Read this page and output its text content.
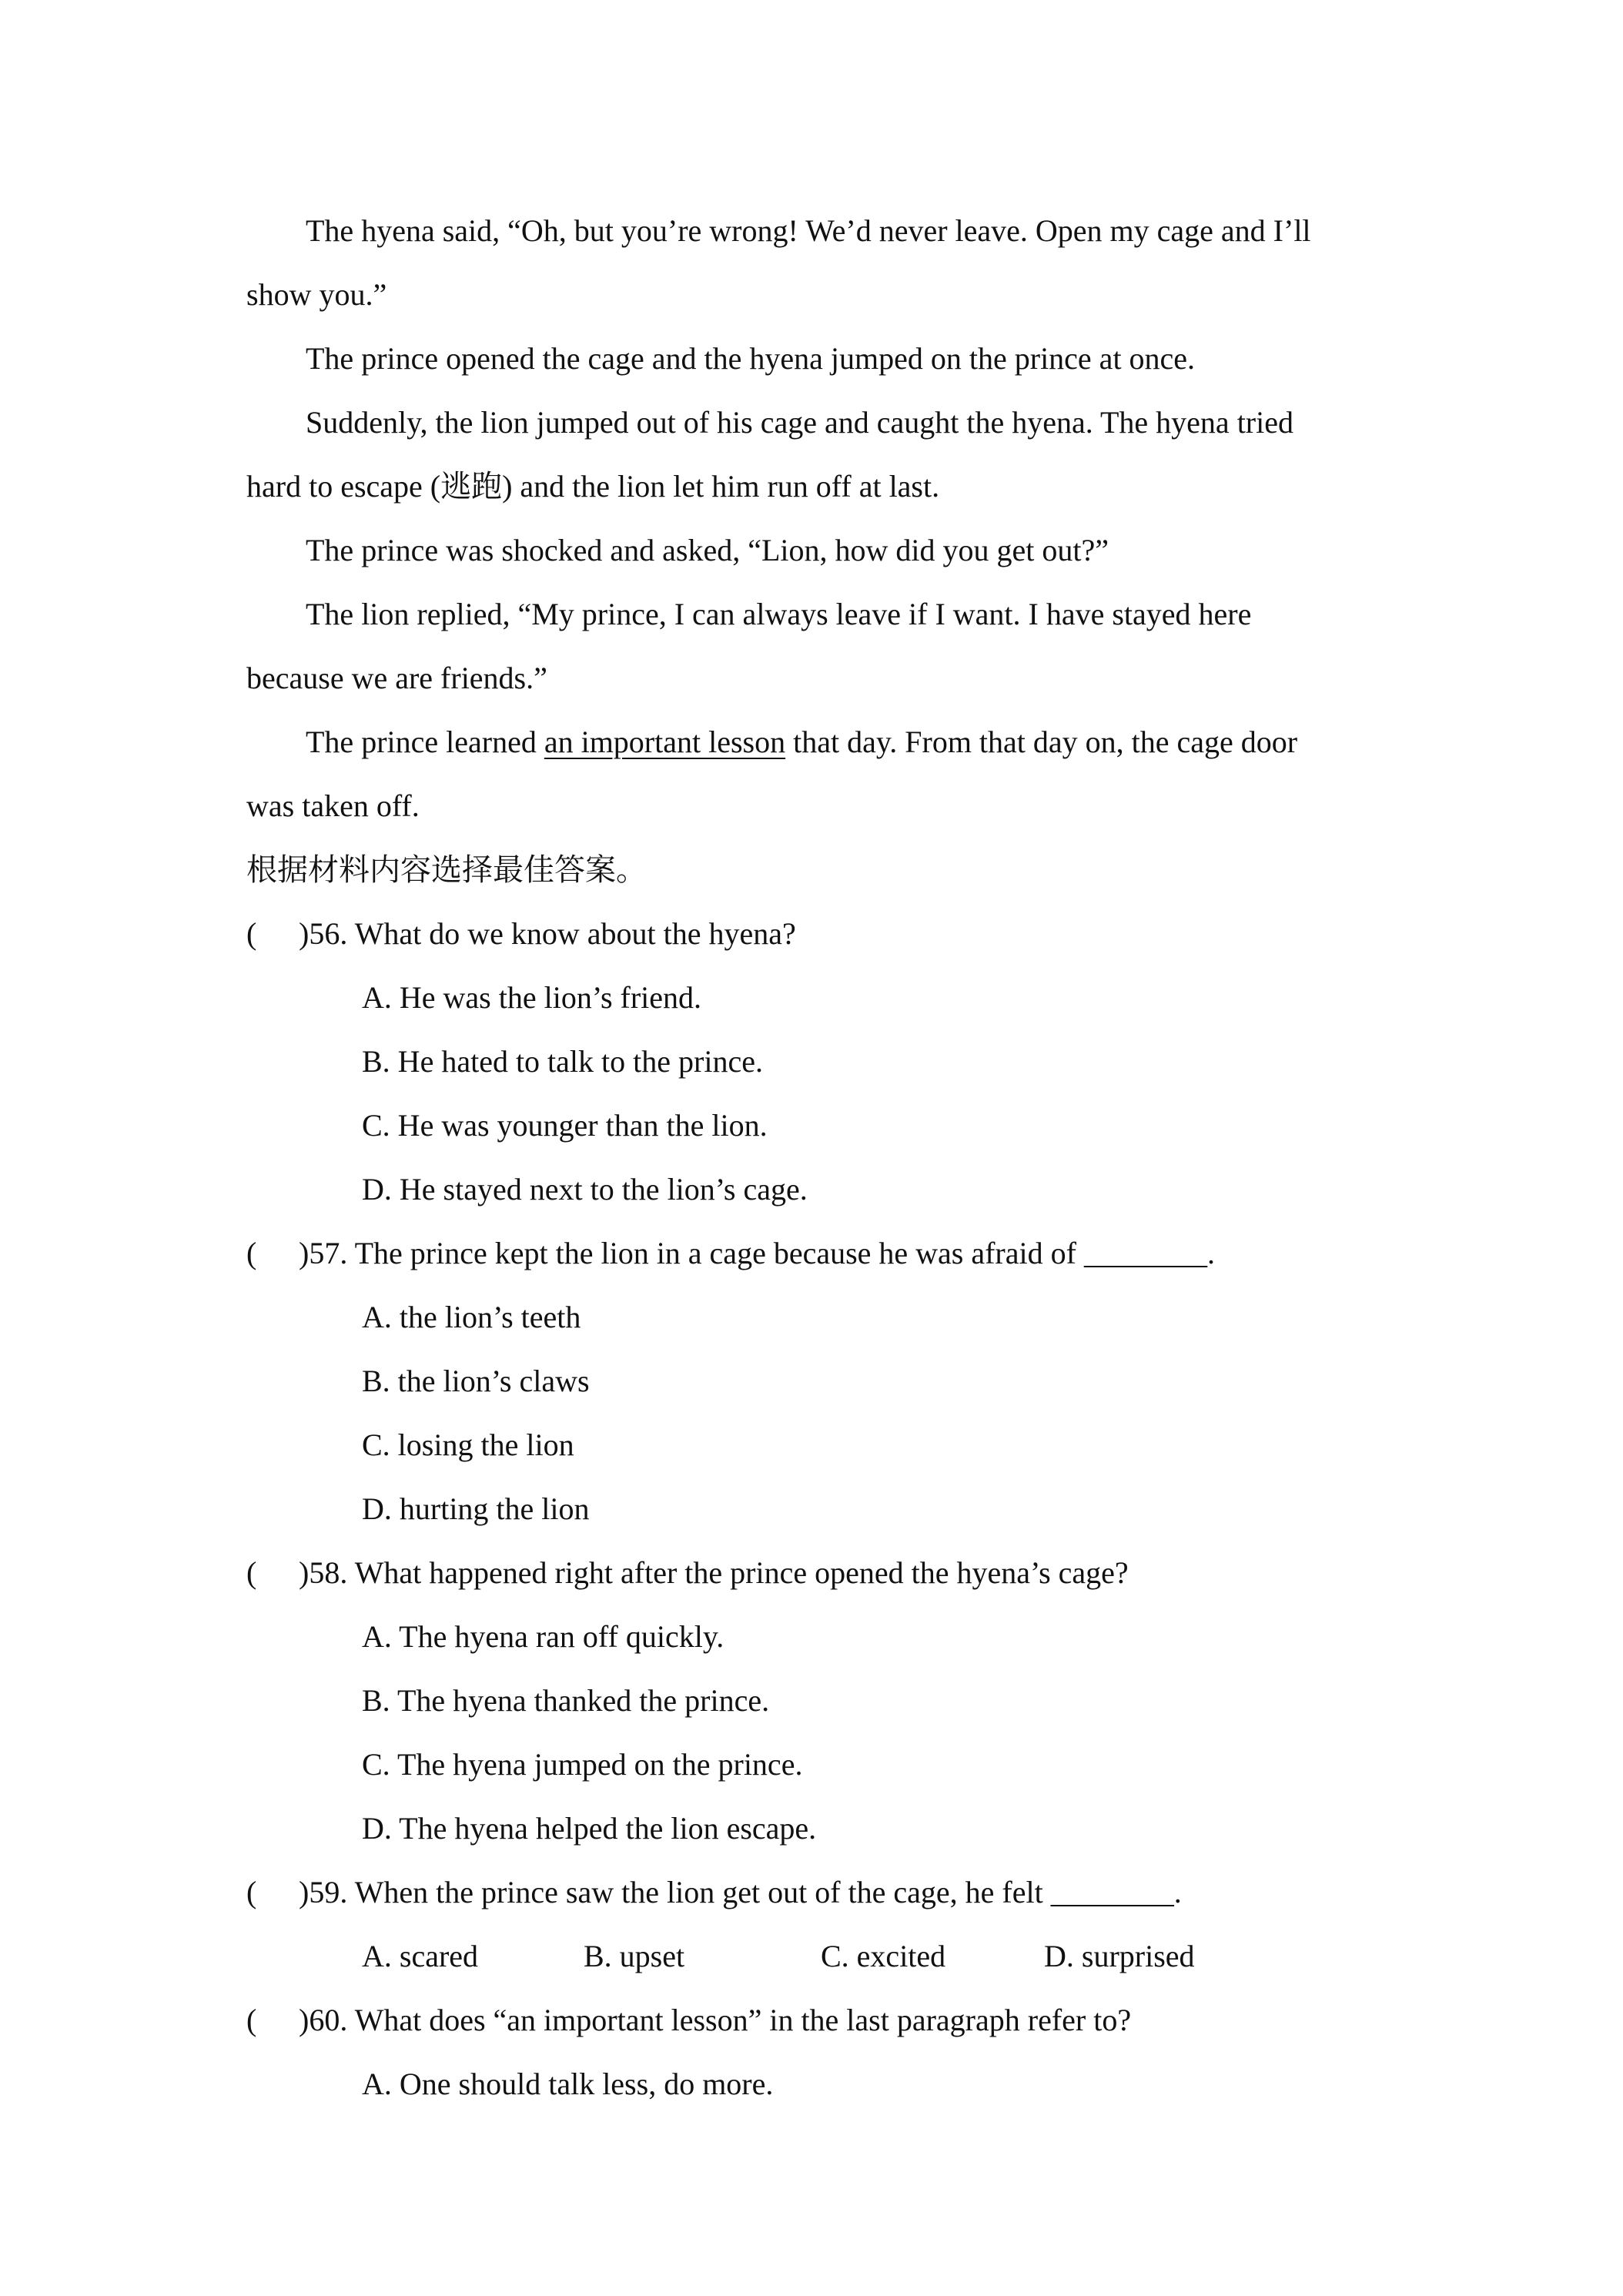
The hyena said, “Oh, but you’re wrong! We’d never leave. Open my cage and I’ll
show you.”
The prince opened the cage and the hyena jumped on the prince at once.
Suddenly, the lion jumped out of his cage and caught the hyena. The hyena tried
hard to escape (逃跑) and the lion let him run off at last.
The prince was shocked and asked, “Lion, how did you get out?”
The lion replied, “My prince, I can always leave if I want. I have stayed here
because we are friends.”
The prince learned an important lesson that day. From that day on, the cage door
was taken off.
根据材料内容选择最佳答案。
( )56. What do we know about the hyena?
A. He was the lion’s friend.
B. He hated to talk to the prince.
C. He was younger than the lion.
D. He stayed next to the lion’s cage.
( )57. The prince kept the lion in a cage because he was afraid of ________.
A. the lion’s teeth
B. the lion’s claws
C. losing the lion
D. hurting the lion
( )58. What happened right after the prince opened the hyena’s cage?
A. The hyena ran off quickly.
B. The hyena thanked the prince.
C. The hyena jumped on the prince.
D. The hyena helped the lion escape.
( )59. When the prince saw the lion get out of the cage, he felt ________.
A. scared	B. upset	C. excited	D. surprised
( )60. What does “an important lesson” in the last paragraph refer to?
A. One should talk less, do more.
